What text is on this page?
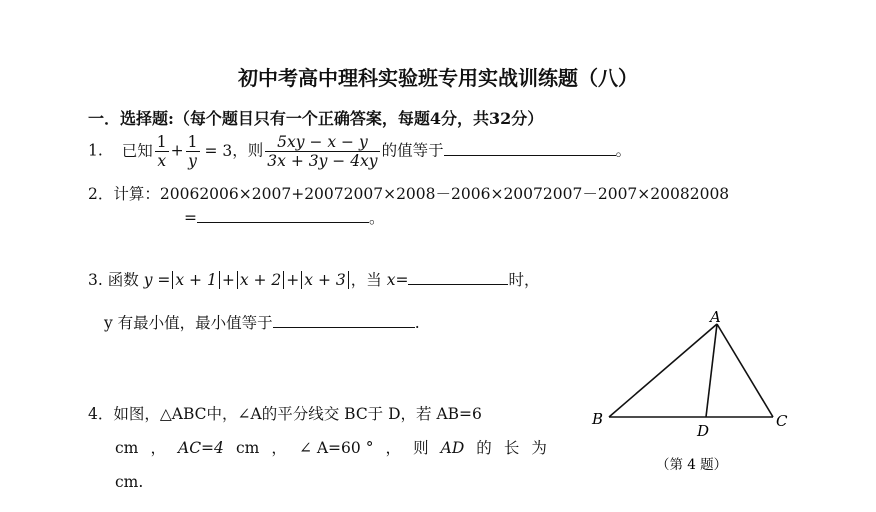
初中考高中理科实验班专用实战训练题（八）
一．选择题:（每个题目只有一个正确答案，每题4分，共32分）
1. 已知 $\frac{1}{x} + \frac{1}{y} = 3$，则 $\frac{5xy - x - y}{3x + 3y - 4xy}$ 的值等于	。
2．计算：20062006×2007+20072007×2008－2006×20072007－2007×20082008
=	。
3. 函数 y = x + 1 + x + 2 + x + 3 ，当 x=	时，
y 有最小值，最小值等于	.
4．如图，△ABC中，∠A的平分线交 BC于 D，若 AB=6
cm ， AC=4 cm ， ∠ A=60 ° ， 则 AD 的 长 为
cm.
A
B	C
D
（第 4 题）
